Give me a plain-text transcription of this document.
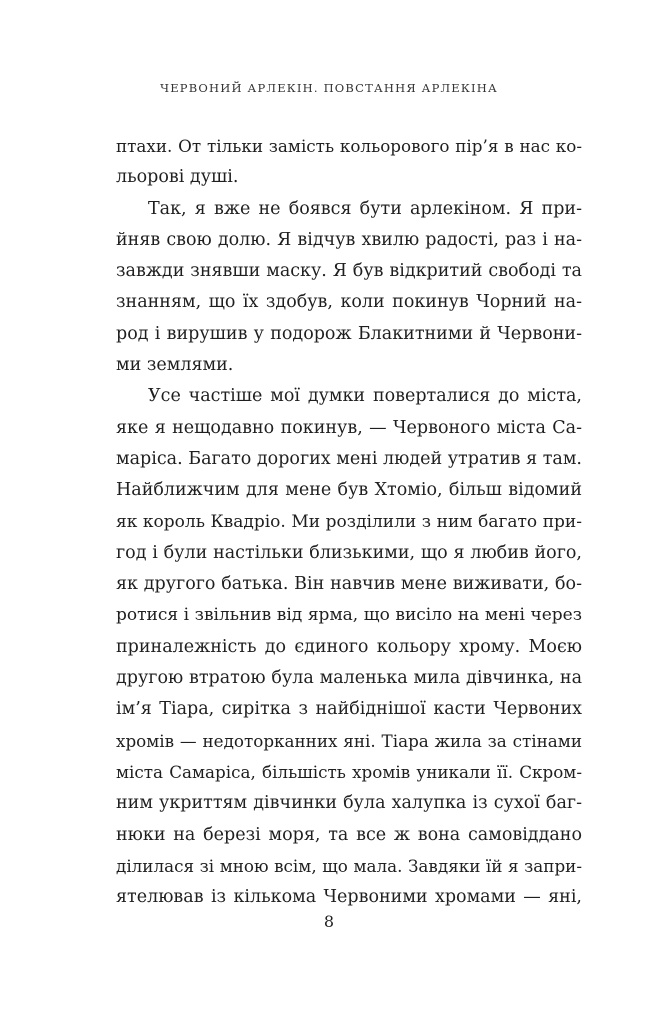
ЧЕРВОНИЙ АРЛЕКІН. ПОВСТАННЯ АРЛЕКІНА
птахи. От тільки замість кольорового пір’я в нас ко-
льорові душі.
Так, я вже не боявся бути арлекіном. Я при-
йняв свою долю. Я відчув хвилю радості, раз і на-
завжди знявши маску. Я був відкритий свободі та
знанням, що їх здобув, коли покинув Чорний на-
род і вирушив у подорож Блакитними й Червони-
ми землями.
Усе частіше мої думки поверталися до міста,
яке я нещодавно покинув, — Червоного міста Са-
маріса. Багато дорогих мені людей утратив я там.
Найближчим для мене був Хтоміо, більш відомий
як король Квадріо. Ми розділили з ним багато при-
год і були настільки близькими, що я любив його,
як другого батька. Він навчив мене виживати, бо-
ротися і звільнив від ярма, що висіло на мені через
приналежність до єдиного кольору хрому. Моєю
другою втратою була маленька мила дівчинка, на
ім’я Тіара, сирітка з найбіднішої касти Червоних
хромів — недоторканних яні. Тіара жила за стінами
міста Самаріса, більшість хромів уникали її. Скром-
ним укриттям дівчинки була халупка із сухої баг-
нюки на березі моря, та все ж вона самовіддано
ділилася зі мною всім, що мала. Завдяки їй я запри-
ятелював із кількома Червоними хромами — яні,
8
